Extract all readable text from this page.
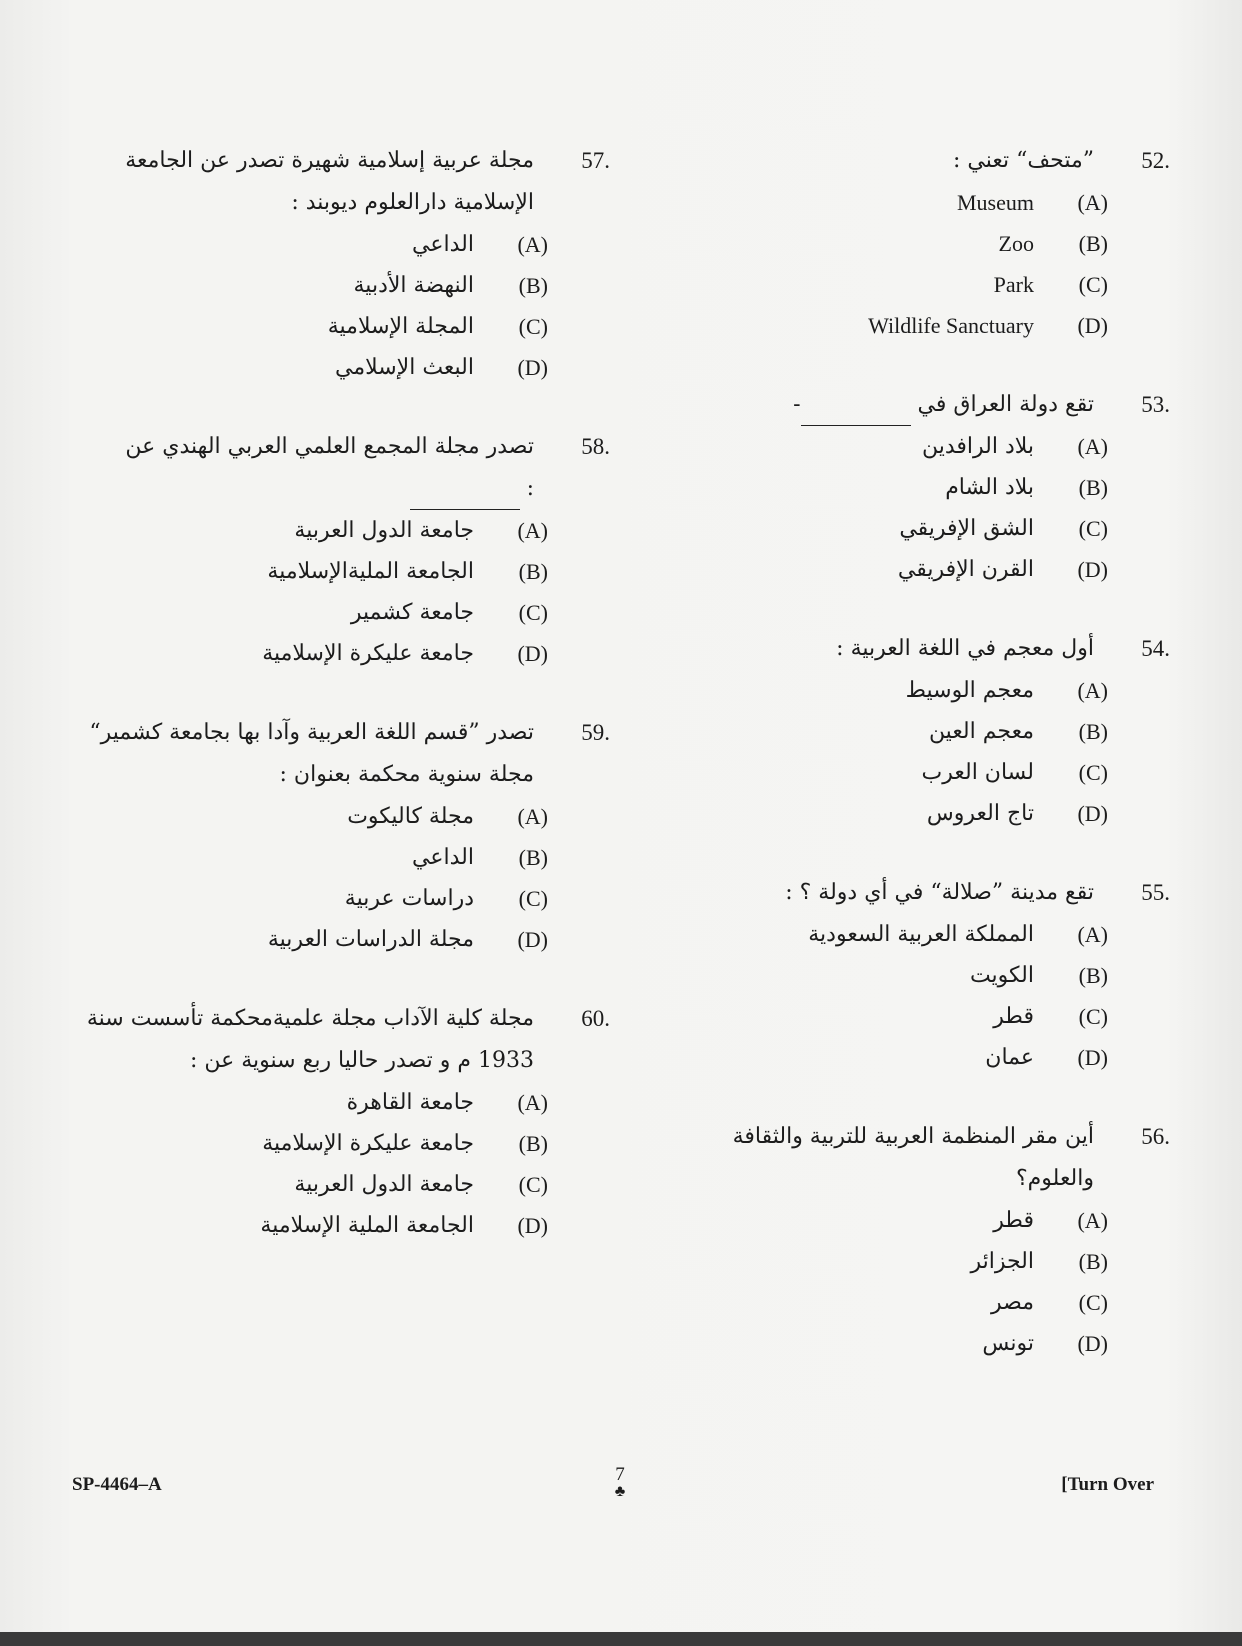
52.
”متحف“ تعني :
(A)
Museum
(B)
Zoo
(C)
Park
(D)
Wildlife Sanctuary
53.
تقع دولة العراق في -
(A)
بلاد الرافدين
(B)
بلاد الشام
(C)
الشق الإفريقي
(D)
القرن الإفريقي
54.
أول معجم في اللغة العربية :
(A)
معجم الوسيط
(B)
معجم العين
(C)
لسان العرب
(D)
تاج العروس
55.
تقع مدينة ”صلالة“ في أي دولة ؟ :
(A)
المملكة العربية السعودية
(B)
الكويت
(C)
قطر
(D)
عمان
56.
أين مقر المنظمة العربية للتربية والثقافة والعلوم؟
(A)
قطر
(B)
الجزائر
(C)
مصر
(D)
تونس
57.
مجلة عربية إسلامية شهيرة تصدر عن الجامعة الإسلامية دارالعلوم ديوبند :
(A)
الداعي
(B)
النهضة الأدبية
(C)
المجلة الإسلامية
(D)
البعث الإسلامي
58.
تصدر مجلة المجمع العلمي العربي الهندي عن
:
(A)
جامعة الدول العربية
(B)
الجامعة المليةالإسلامية
(C)
جامعة كشمير
(D)
جامعة عليكرة الإسلامية
59.
تصدر ”قسم اللغة العربية وآدا بها بجامعة كشمير“ مجلة سنوية محكمة بعنوان :
(A)
مجلة كاليكوت
(B)
الداعي
(C)
دراسات عربية
(D)
مجلة الدراسات العربية
60.
مجلة كلية الآداب مجلة علميةمحكمة تأسست سنة 1933 م و تصدر حاليا ربع سنوية عن :
(A)
جامعة القاهرة
(B)
جامعة عليكرة الإسلامية
(C)
جامعة الدول العربية
(D)
الجامعة الملية الإسلامية
SP-4464–A	7
♣	[Turn Over
